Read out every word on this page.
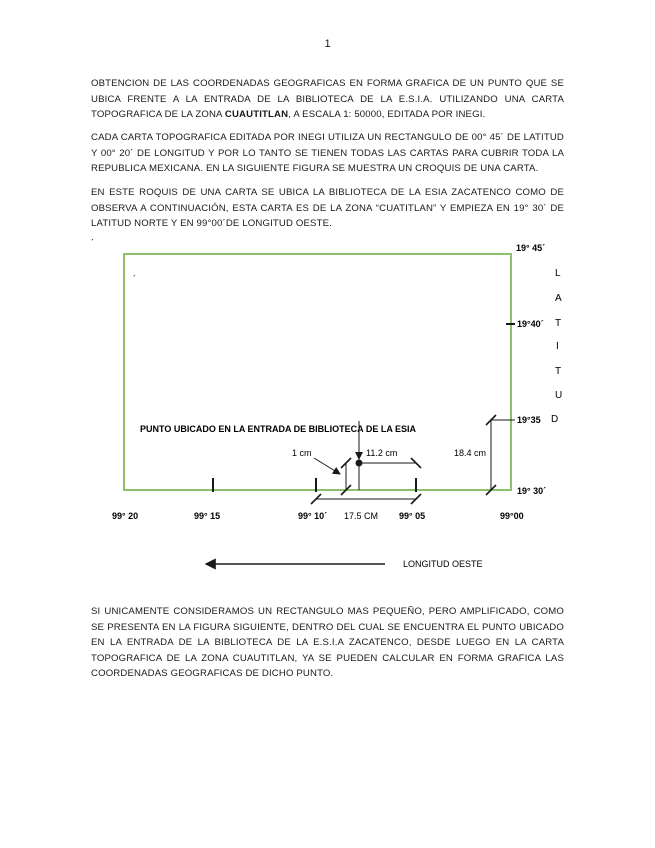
1

OBTENCION DE LAS COORDENADAS GEOGRAFICAS EN FORMA GRAFICA DE UN PUNTO QUE SE UBICA FRENTE A LA ENTRADA DE LA BIBLIOTECA DE LA E.S.I.A. UTILIZANDO UNA CARTA TOPOGRAFICA DE LA ZONA CUAUTITLAN, A ESCALA 1: 50000, EDITADA POR INEGI.

CADA CARTA TOPOGRAFICA EDITADA POR INEGI UTILIZA UN RECTANGULO DE 00° 45´ DE LATITUD Y 00° 20´ DE LONGITUD Y POR LO TANTO SE TIENEN TODAS LAS CARTAS PARA CUBRIR TODA LA REPUBLICA MEXICANA. EN LA SIGUIENTE FIGURA SE MUESTRA UN CROQUIS DE UNA CARTA.

EN ESTE ROQUIS DE UNA CARTA SE UBICA LA BIBLIOTECA DE LA ESIA ZACATENCO COMO DE OBSERVA A CONTINUACIÓN, ESTA CARTA ES DE LA ZONA “CUATITLAN” Y EMPIEZA EN 19° 30´ DE LATITUD NORTE Y EN 99°00´DE LONGITUD OESTE.

´
´
19° 45´
19°40´
19°35
19° 30´
L
A
T
I
T
U
D
99° 20	99° 15	99° 10´	99° 05	99°00
PUNTO UBICADO EN LA ENTRADA DE BIBLIOTECA DE LA ESIA
11.2 cm
1 cm	18.4 cm
17.5 CM
LONGITUD OESTE

SI UNICAMENTE CONSIDERAMOS UN RECTANGULO MAS PEQUEÑO, PERO AMPLIFICADO, COMO SE PRESENTA EN LA FIGURA SIGUIENTE, DENTRO DEL CUAL SE ENCUENTRA EL PUNTO UBICADO EN LA ENTRADA DE LA BIBLIOTECA DE LA E.S.I.A ZACATENCO, DESDE LUEGO EN LA CARTA TOPOGRAFICA DE LA ZONA CUAUTITLAN, YA SE PUEDEN CALCULAR EN FORMA GRAFICA LAS COORDENADAS GEOGRAFICAS DE DICHO PUNTO.
